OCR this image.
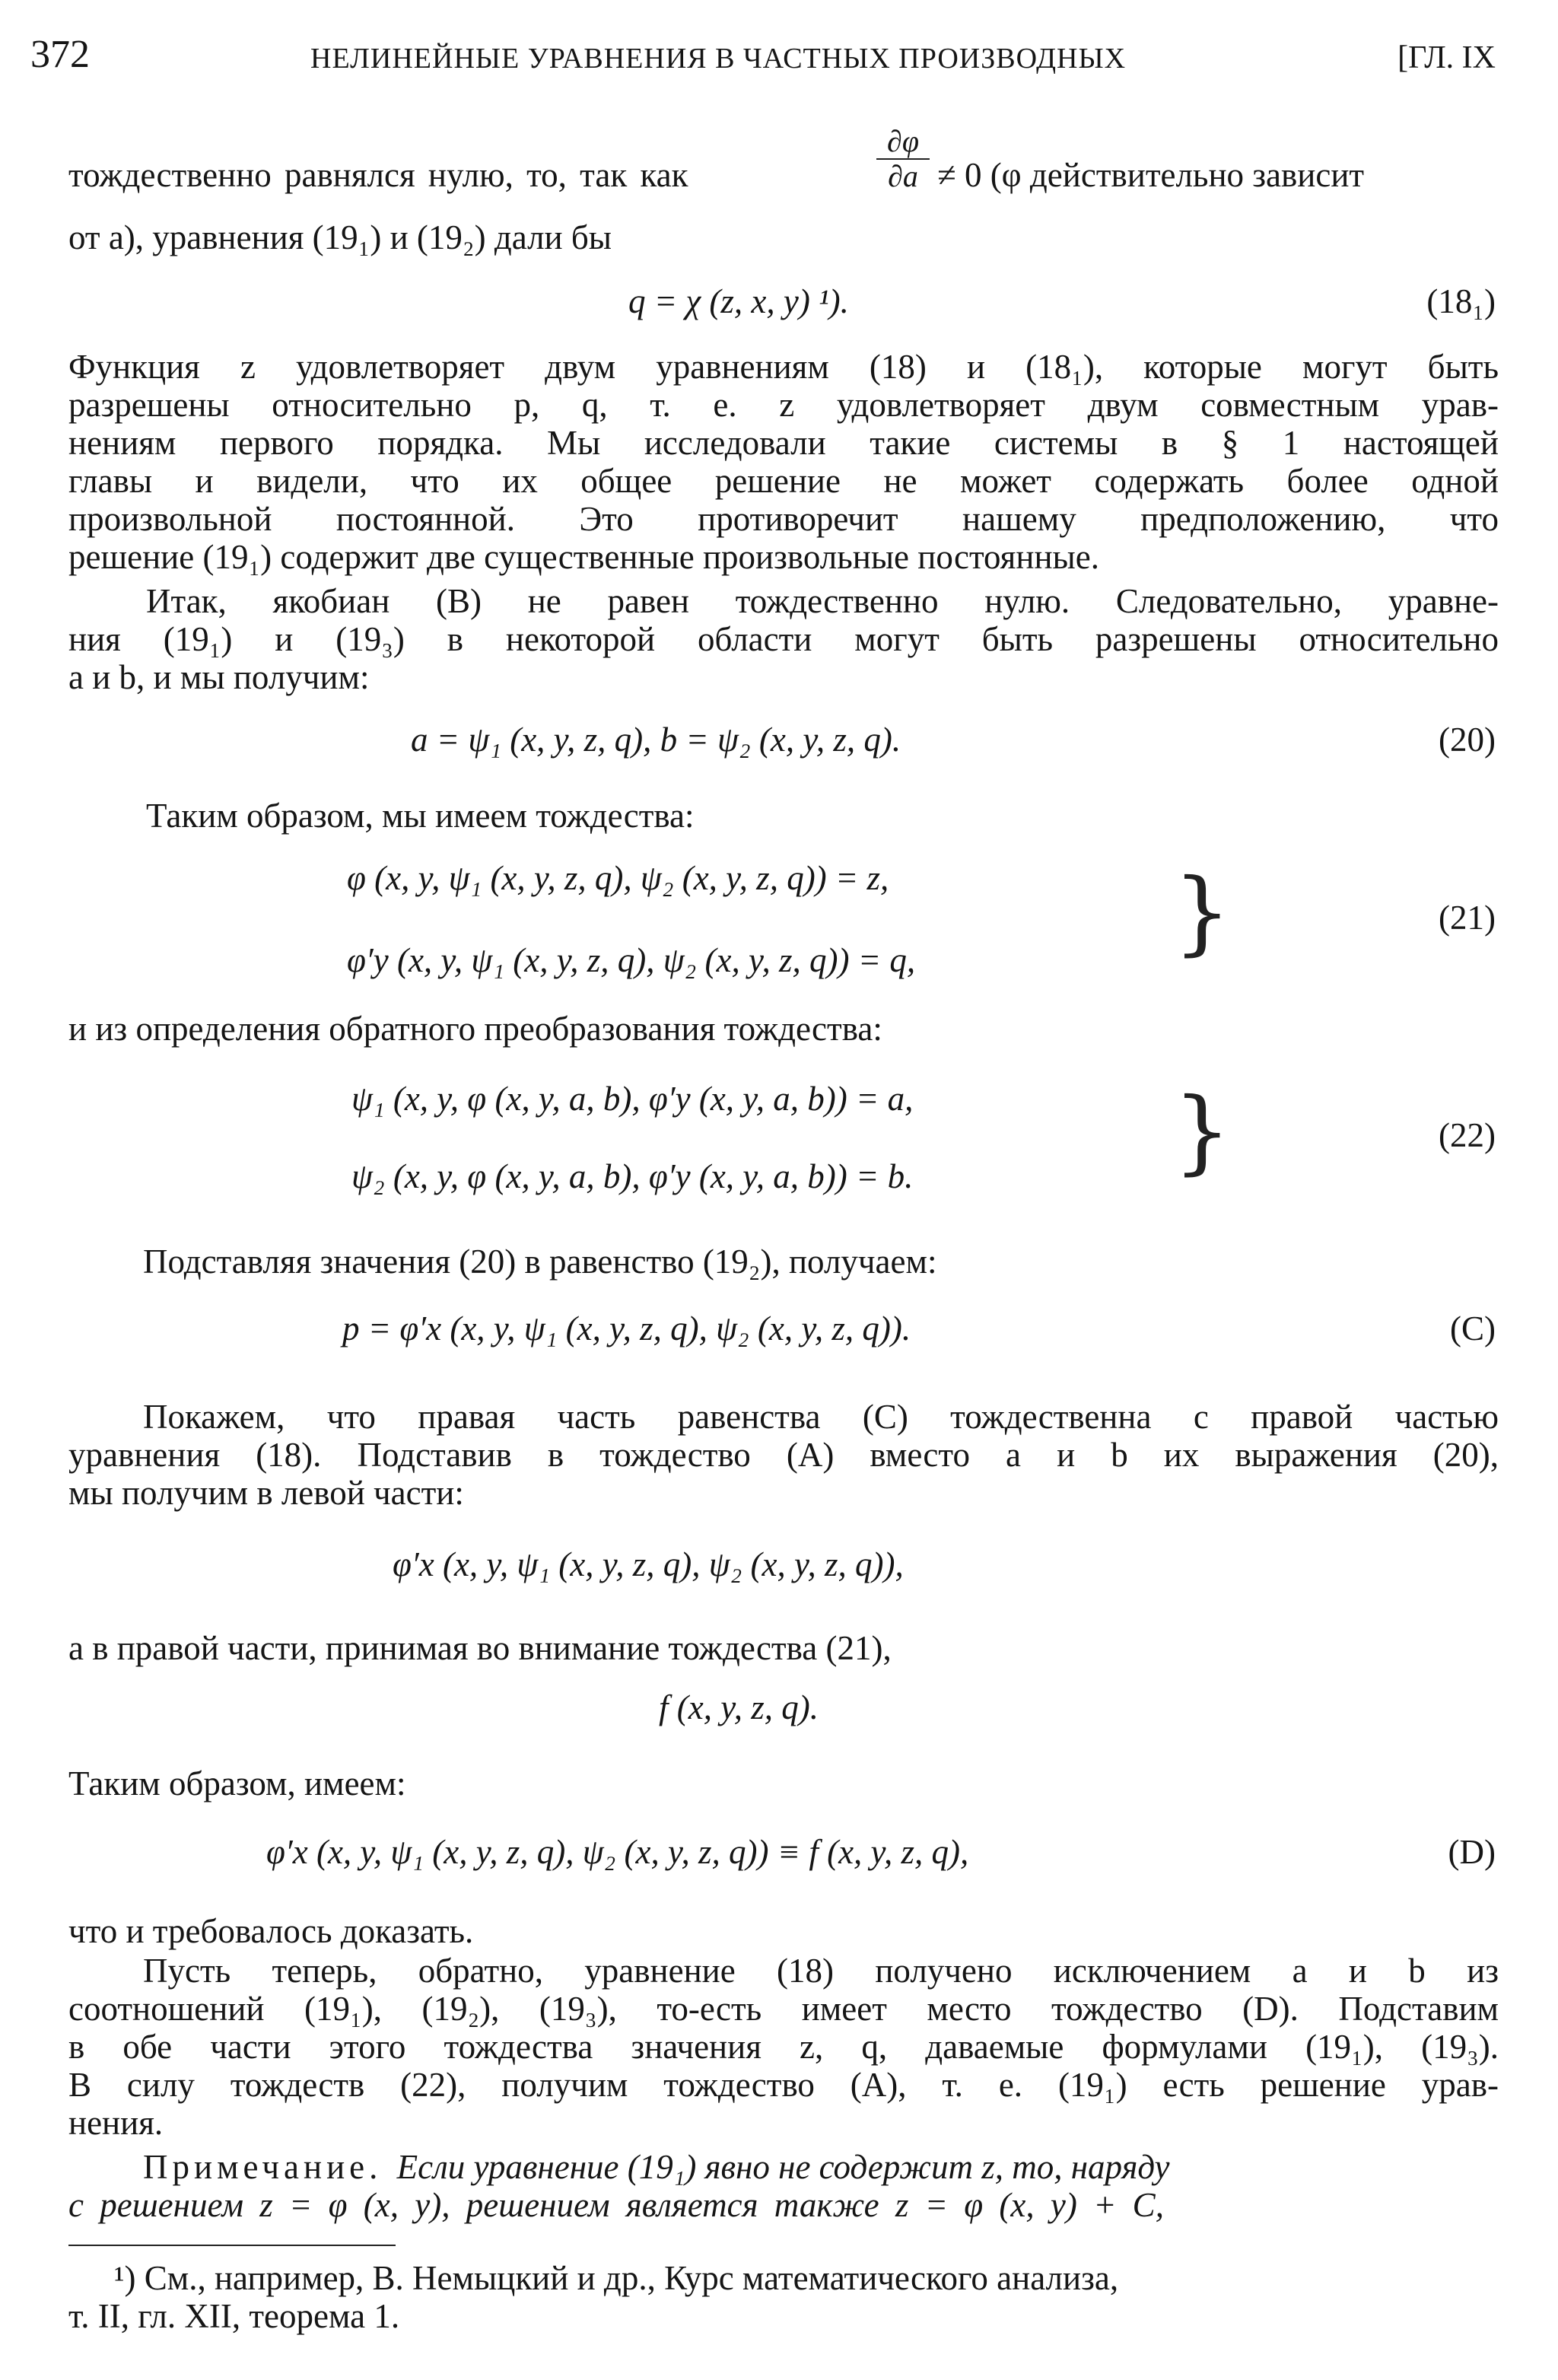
372	НЕЛИНЕЙНЫЕ УРАВНЕНИЯ В ЧАСТНЫХ ПРОИЗВОДНЫХ	[ГЛ. IX
тождественно равнялся нулю, то, так как	$\frac{\partial\varphi}{\partial a} \ne 0$ (φ действительно зависит

от a), уравнения (19₁) и (19₂) дали бы

q = χ (z, x, y) ¹).	(18₁)

Функция z удовлетворяет двум уравнениям (18) и (18₁), которые могут быть

разрешены относительно p, q, т. е. z удовлетворяет двум совместным урав-

нениям первого порядка. Мы исследовали такие системы в § 1 настоящей

главы и видели, что их общее решение не может содержать более одной

произвольной постоянной. Это противоречит нашему предположению, что

решение (19₁) содержит две существенные произвольные постоянные.

Итак, якобиан (B) не равен тождественно нулю. Следовательно, уравне-

ния (19₁) и (19₃) в некоторой области могут быть разрешены относительно

a и b, и мы получим:

a = ψ₁ (x, y, z, q), b = ψ₂ (x, y, z, q).	(20)

Таким образом, мы имеем тождества:

φ (x, y, ψ₁ (x, y, z, q), ψ₂ (x, y, z, q)) = z,

φ′y (x, y, ψ₁ (x, y, z, q), ψ₂ (x, y, z, q)) = q,	}	(21)

и из определения обратного преобразования тождества:

ψ₁ (x, y, φ (x, y, a, b), φ′y (x, y, a, b)) = a,

ψ₂ (x, y, φ (x, y, a, b), φ′y (x, y, a, b)) = b.	}	(22)

Подставляя значения (20) в равенство (19₂), получаем:

p = φ′x (x, y, ψ₁ (x, y, z, q), ψ₂ (x, y, z, q)).	(C)

Покажем, что правая часть равенства (C) тождественна с правой частью

уравнения (18). Подставив в тождество (A) вместо a и b их выражения (20),

мы получим в левой части:

φ′x (x, y, ψ₁ (x, y, z, q), ψ₂ (x, y, z, q)),

а в правой части, принимая во внимание тождества (21),

f (x, y, z, q).

Таким образом, имеем:

φ′x (x, y, ψ₁ (x, y, z, q), ψ₂ (x, y, z, q)) ≡ f (x, y, z, q),	(D)

что и требовалось доказать.

Пусть теперь, обратно, уравнение (18) получено исключением a и b из

соотношений (19₁), (19₂), (19₃), то-есть имеет место тождество (D). Подставим

в обе части этого тождества значения z, q, даваемые формулами (19₁), (19₃).

В силу тождеств (22), получим тождество (A), т. е. (19₁) есть решение урав-

нения.

Примечание. Если уравнение (19₁) явно не содержит z, то, наряду

с решением z = φ (x, y), решением является также z = φ (x, y) + C,

¹) См., например, В. Немыцкий и др., Курс математического анализа,

т. II, гл. XII, теорема 1.
